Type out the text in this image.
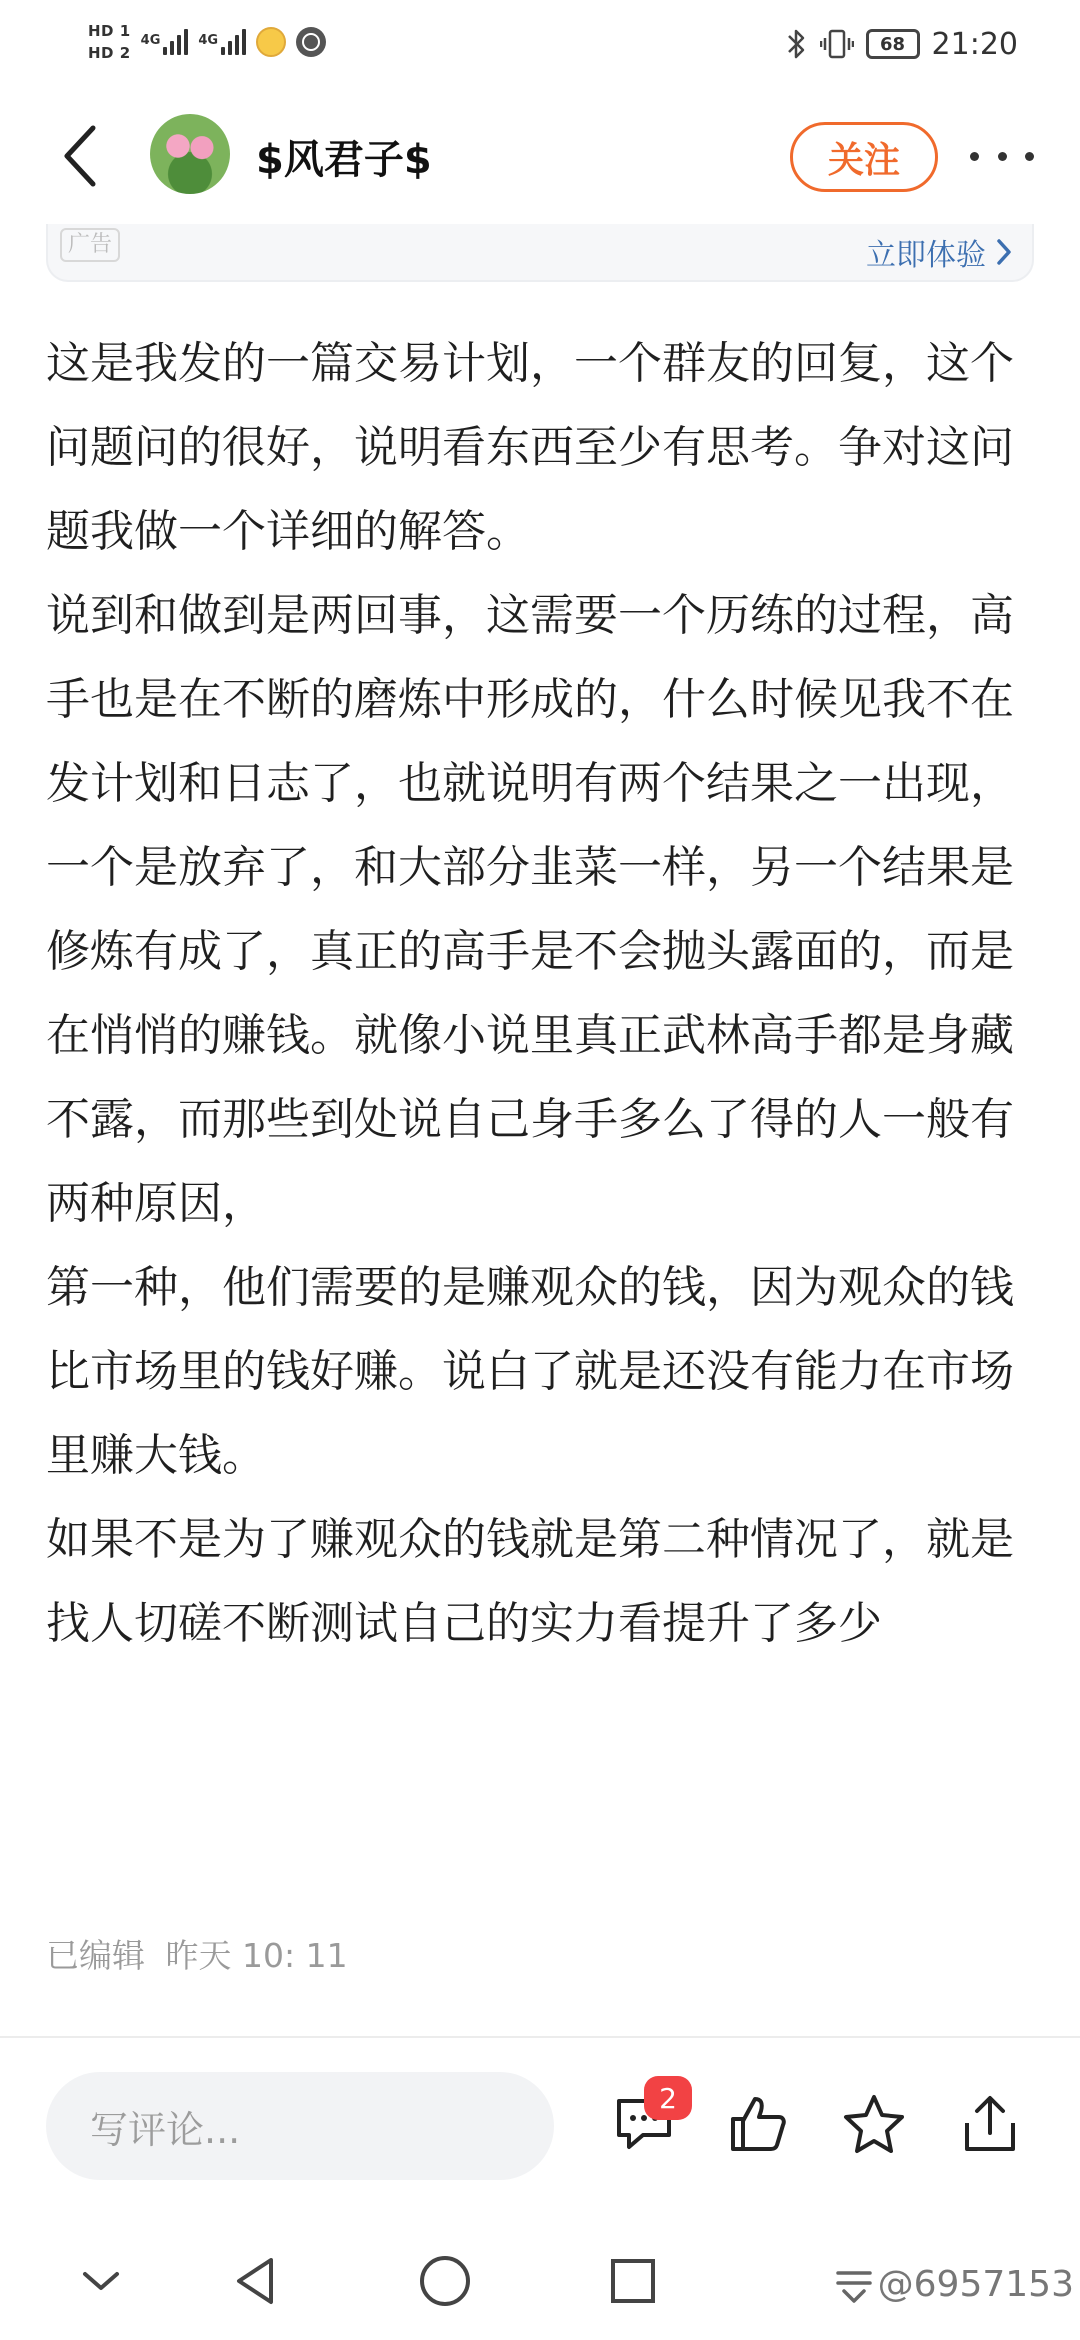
HD 1
HD 2
4G	4G	68 21:20
$风君子$	关注
广告	立即体验

这是我发的一篇交易计划，一个群友的回复，这个问题问的很好，说明看东西至少有思考。争对这问题我做一个详细的解答。

说到和做到是两回事，这需要一个历练的过程，高手也是在不断的磨炼中形成的，什么时候见我不在发计划和日志了，也就说明有两个结果之一出现，一个是放弃了，和大部分韭菜一样，另一个结果是修炼有成了，真正的高手是不会抛头露面的，而是在悄悄的赚钱。就像小说里真正武林高手都是身藏不露，而那些到处说自己身手多么了得的人一般有两种原因，

第一种，他们需要的是赚观众的钱，因为观众的钱比市场里的钱好赚。说白了就是还没有能力在市场里赚大钱。

如果不是为了赚观众的钱就是第二种情况了，就是找人切磋不断测试自己的实力看提升了多少

已编辑 昨天 10: 11
写评论...
2
@6957153
